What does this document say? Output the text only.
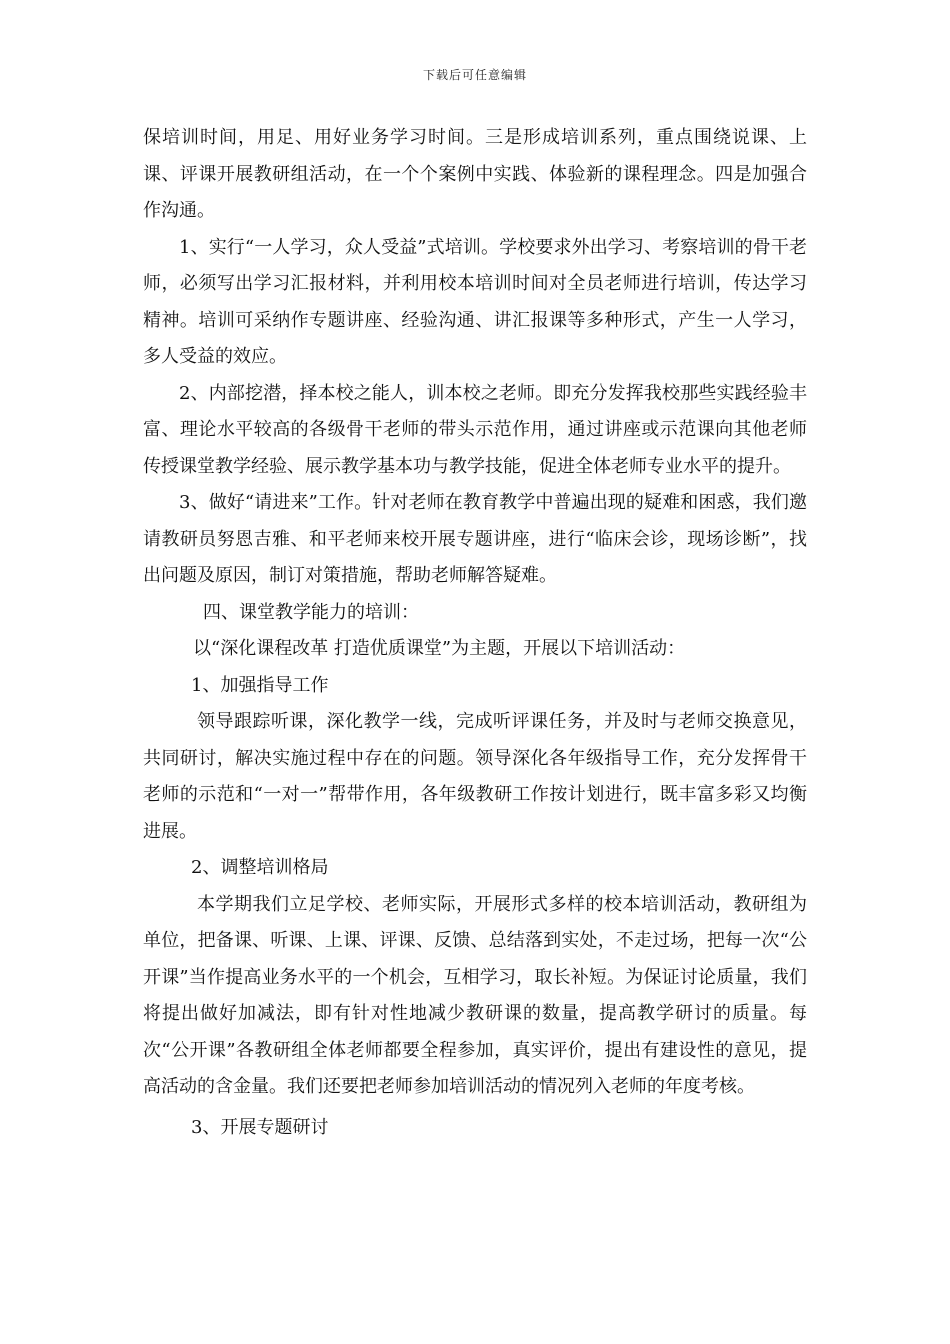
下载后可任意编辑

保培训时间，用足、用好业务学习时间。三是形成培训系列，重点围绕说课、上课、评课开展教研组活动，在一个个案例中实践、体验新的课程理念。四是加强合作沟通。

1、实行“一人学习，众人受益”式培训。学校要求外出学习、考察培训的骨干老师，必须写出学习汇报材料，并利用校本培训时间对全员老师进行培训，传达学习精神。培训可采纳作专题讲座、经验沟通、讲汇报课等多种形式，产生一人学习，多人受益的效应。

2、内部挖潜，择本校之能人，训本校之老师。即充分发挥我校那些实践经验丰富、理论水平较高的各级骨干老师的带头示范作用，通过讲座或示范课向其他老师传授课堂教学经验、展示教学基本功与教学技能，促进全体老师专业水平的提升。

3、做好“请进来”工作。针对老师在教育教学中普遍出现的疑难和困惑，我们邀请教研员努恩吉雅、和平老师来校开展专题讲座，进行“临床会诊，现场诊断”，找出问题及原因，制订对策措施，帮助老师解答疑难。

四、课堂教学能力的培训：

以“深化课程改革 打造优质课堂”为主题，开展以下培训活动：

1、加强指导工作

领导跟踪听课，深化教学一线，完成听评课任务，并及时与老师交换意见，共同研讨，解决实施过程中存在的问题。领导深化各年级指导工作，充分发挥骨干老师的示范和“一对一”帮带作用，各年级教研工作按计划进行，既丰富多彩又均衡进展。

2、调整培训格局

本学期我们立足学校、老师实际，开展形式多样的校本培训活动，教研组为单位，把备课、听课、上课、评课、反馈、总结落到实处，不走过场，把每一次“公开课”当作提高业务水平的一个机会，互相学习，取长补短。为保证讨论质量，我们将提出做好加减法，即有针对性地减少教研课的数量，提高教学研讨的质量。每次“公开课”各教研组全体老师都要全程参加，真实评价，提出有建设性的意见，提高活动的含金量。我们还要把老师参加培训活动的情况列入老师的年度考核。

3、开展专题研讨
